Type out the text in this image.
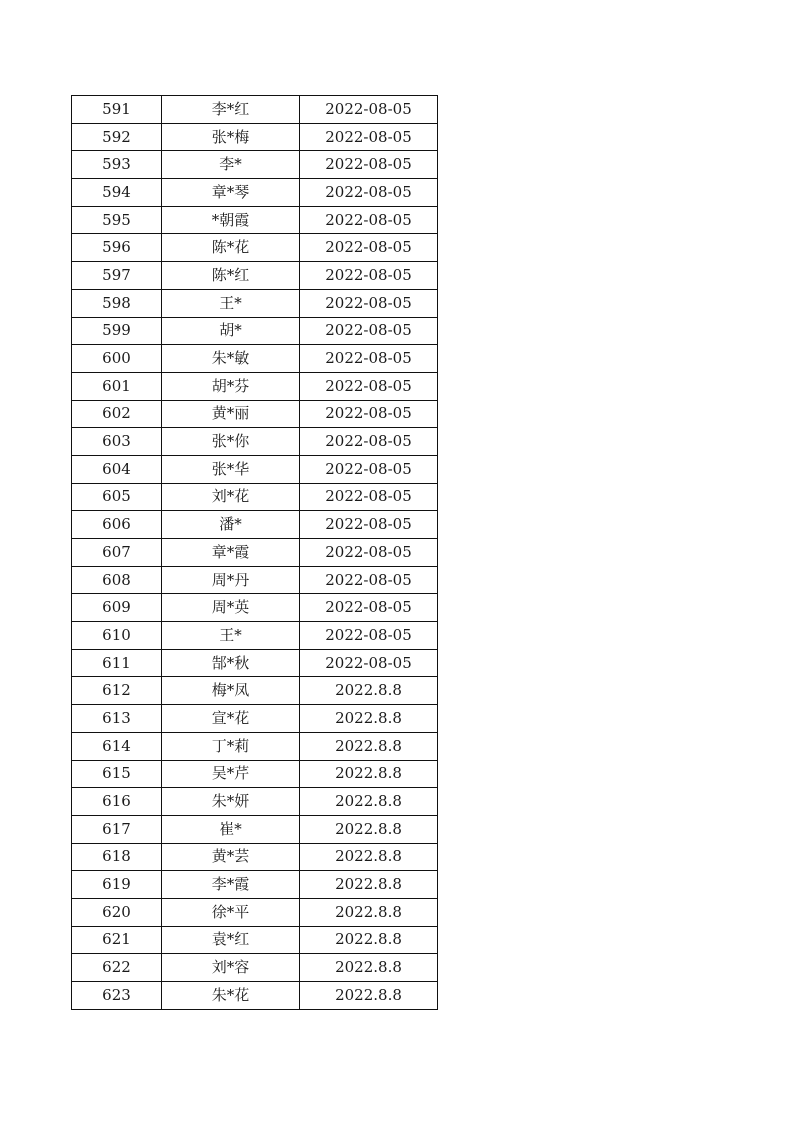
591	李*红	2022-08-05
592	张*梅	2022-08-05
593	李*	2022-08-05
594	章*琴	2022-08-05
595	*朝霞	2022-08-05
596	陈*花	2022-08-05
597	陈*红	2022-08-05
598	王*	2022-08-05
599	胡*	2022-08-05
600	朱*敏	2022-08-05
601	胡*芬	2022-08-05
602	黄*丽	2022-08-05
603	张*你	2022-08-05
604	张*华	2022-08-05
605	刘*花	2022-08-05
606	潘*	2022-08-05
607	章*霞	2022-08-05
608	周*丹	2022-08-05
609	周*英	2022-08-05
610	王*	2022-08-05
611	郜*秋	2022-08-05
612	梅*凤	2022.8.8
613	宣*花	2022.8.8
614	丁*莉	2022.8.8
615	吴*芹	2022.8.8
616	朱*妍	2022.8.8
617	崔*	2022.8.8
618	黄*芸	2022.8.8
619	李*霞	2022.8.8
620	徐*平	2022.8.8
621	袁*红	2022.8.8
622	刘*容	2022.8.8
623	朱*花	2022.8.8
